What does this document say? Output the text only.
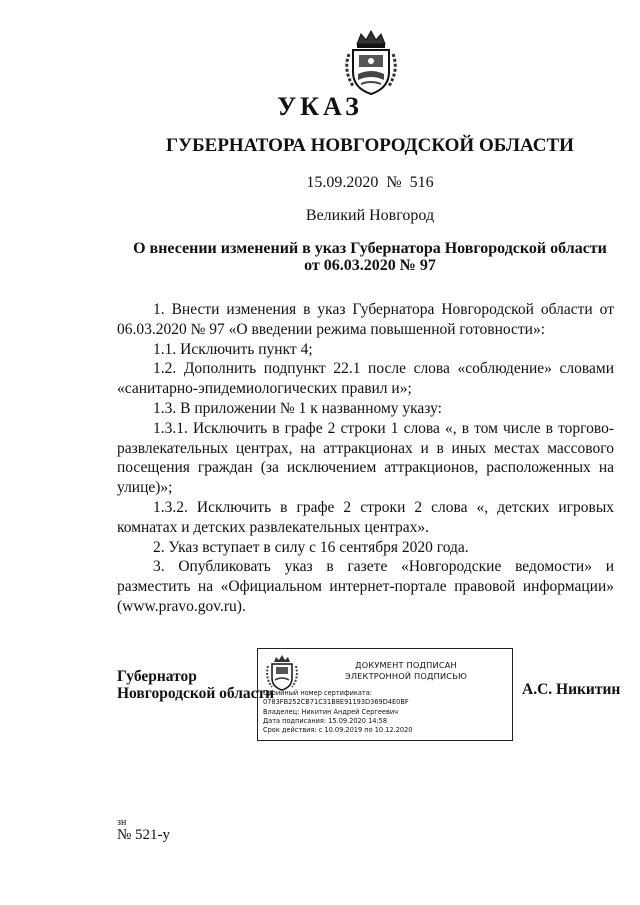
УКАЗ
ГУБЕРНАТОРА НОВГОРОДСКОЙ ОБЛАСТИ
15.09.2020 № 516
Великий Новгород
О внесении изменений в указ Губернатора Новгородской области
от 06.03.2020 № 97

1. Внести изменения в указ Губернатора Новгородской области от 06.03.2020 № 97 «О введении режима повышенной готовности»:

1.1. Исключить пункт 4;

1.2. Дополнить подпункт 22.1 после слова «соблюдение» словами «санитарно-эпидемиологических правил и»;

1.3. В приложении № 1 к названному указу:

1.3.1. Исключить в графе 2 строки 1 слова «, в том числе в торгово-развлекательных центрах, на аттракционах и в иных местах массового посещения граждан (за исключением аттракционов, расположенных на улице)»;

1.3.2. Исключить в графе 2 строки 2 слова «, детских игровых комнатах и детских развлекательных центрах».

2. Указ вступает в силу с 16 сентября 2020 года.

3. Опубликовать указ в газете «Новгородские ведомости» и разместить на «Официальном интернет-портале правовой информации» (www.pravo.gov.ru).

Губернатор
Новгородской области
ДОКУМЕНТ ПОДПИСАН
ЭЛЕКТРОННОЙ ПОДПИСЬЮ
Серийный номер сертификата:
0783FB252CB71C31B8E91193D369D4E0BF
Владелец: Никитин Андрей Сергеевич
Дата подписания: 15.09.2020 14:58
Срок действия: с 10.09.2019 по 10.12.2020
А.С. Никитин
зн
№ 521-у
